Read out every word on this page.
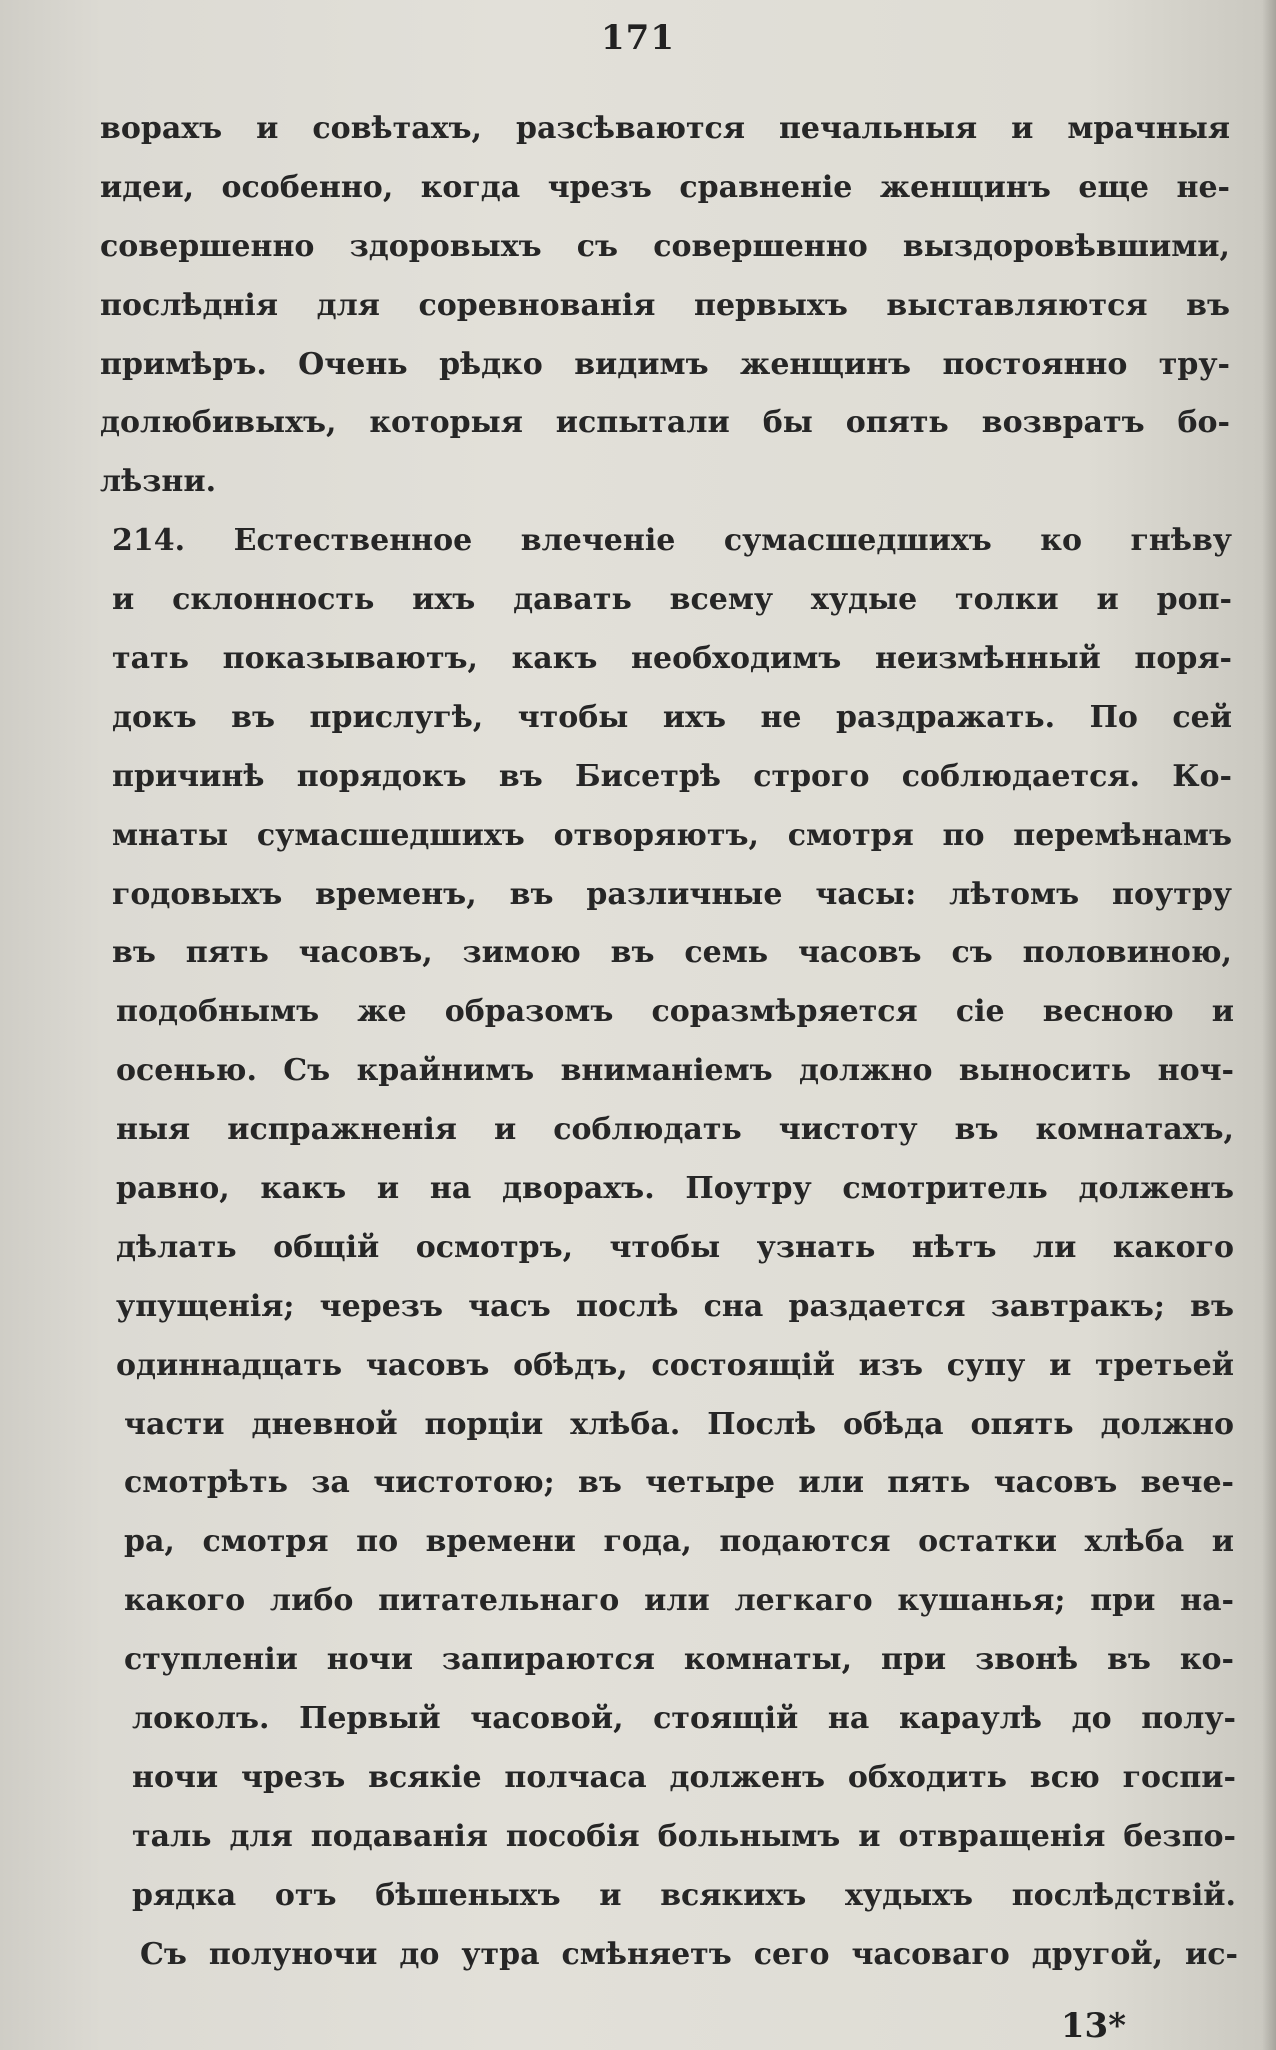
171
ворахъ и совѣтахъ, разсѣваются печальныя и мрачныя
идеи, особенно, когда чрезъ сравненіе женщинъ еще не-
совершенно здоровыхъ съ совершенно выздоровѣвшими,
послѣднія для соревнованія первыхъ выставляются въ
примѣръ. Очень рѣдко видимъ женщинъ постоянно тру-
долюбивыхъ, которыя испытали бы опять возвратъ бо-
лѣзни.
214. Естественное влеченіе сумасшедшихъ ко гнѣву
и склонность ихъ давать всему худые толки и роп-
тать показываютъ, какъ необходимъ неизмѣнный поря-
докъ въ прислугѣ, чтобы ихъ не раздражать. По сей
причинѣ порядокъ въ Бисетрѣ строго соблюдается. Ко-
мнаты сумасшедшихъ отворяютъ, смотря по перемѣнамъ
годовыхъ временъ, въ различные часы: лѣтомъ поутру
въ пять часовъ, зимою въ семь часовъ съ половиною,
подобнымъ же образомъ соразмѣряется сіе весною и
осенью. Съ крайнимъ вниманіемъ должно выносить ноч-
ныя испражненія и соблюдать чистоту въ комнатахъ,
равно, какъ и на дворахъ. Поутру смотритель долженъ
дѣлать общій осмотръ, чтобы узнать нѣтъ ли какого
упущенія; черезъ часъ послѣ сна раздается завтракъ; въ
одиннадцать часовъ обѣдъ, состоящій изъ супу и третьей
части дневной порціи хлѣба. Послѣ обѣда опять должно
смотрѣть за чистотою; въ четыре или пять часовъ вече-
ра, смотря по времени года, подаются остатки хлѣба и
какого либо питательнаго или легкаго кушанья; при на-
ступленіи ночи запираются комнаты, при звонѣ въ ко-
локолъ. Первый часовой, стоящій на караулѣ до полу-
ночи чрезъ всякіе полчаса долженъ обходить всю госпи-
таль для подаванія пособія больнымъ и отвращенія безпо-
рядка отъ бѣшеныхъ и всякихъ худыхъ послѣдствій.
Съ полуночи до утра смѣняетъ сего часоваго другой, ис-
13*
